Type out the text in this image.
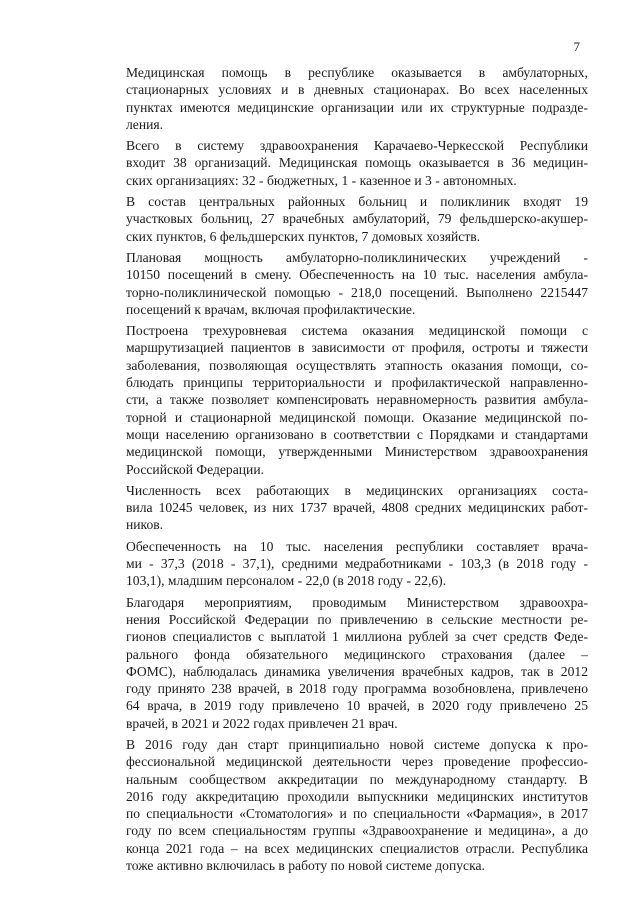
7

Медицинская помощь в республике оказывается в амбулаторных,
стационарных условиях и в дневных стационарах. Во всех населенных
пунктах имеются медицинские организации или их структурные подразде-
ления.

Всего в систему здравоохранения Карачаево-Черкесской Республики
входит 38 организаций. Медицинская помощь оказывается в 36 медицин-
ских организациях: 32 - бюджетных, 1 - казенное и 3 - автономных.

В состав центральных районных больниц и поликлиник входят 19
участковых больниц, 27 врачебных амбулаторий, 79 фельдшерско-акушер-
ских пунктов, 6 фельдшерских пунктов, 7 домовых хозяйств.

Плановая мощность амбулаторно-поликлинических учреждений -
10150 посещений в смену. Обеспеченность на 10 тыс. населения амбула-
торно-поликлинической помощью - 218,0 посещений. Выполнено 2215447
посещений к врачам, включая профилактические.

Построена трехуровневая система оказания медицинской помощи с
маршрутизацией пациентов в зависимости от профиля, остроты и тяжести
заболевания, позволяющая осуществлять этапность оказания помощи, со-
блюдать принципы территориальности и профилактической направленно-
сти, а также позволяет компенсировать неравномерность развития амбула-
торной и стационарной медицинской помощи. Оказание медицинской по-
мощи населению организовано в соответствии с Порядками и стандартами
медицинской помощи, утвержденными Министерством здравоохранения
Российской Федерации.

Численность всех работающих в медицинских организациях соста-
вила 10245 человек, из них 1737 врачей, 4808 средних медицинских работ-
ников.

Обеспеченность на 10 тыс. населения республики составляет врача-
ми - 37,3 (2018 - 37,1), средними медработниками - 103,3 (в 2018 году -
103,1), младшим персоналом - 22,0 (в 2018 году - 22,6).

Благодаря мероприятиям, проводимым Министерством здравоохра-
нения Российской Федерации по привлечению в сельские местности ре-
гионов специалистов с выплатой 1 миллиона рублей за счет средств Феде-
рального фонда обязательного медицинского страхования (далее –
ФОМС), наблюдалась динамика увеличения врачебных кадров, так в 2012
году принято 238 врачей, в 2018 году программа возобновлена, привлечено
64 врача, в 2019 году привлечено 10 врачей, в 2020 году привлечено 25
врачей, в 2021 и 2022 годах привлечен 21 врач.

В 2016 году дан старт принципиально новой системе допуска к про-
фессиональной медицинской деятельности через проведение профессио-
нальным сообществом аккредитации по международному стандарту. В
2016 году аккредитацию проходили выпускники медицинских институтов
по специальности «Стоматология» и по специальности «Фармация», в 2017
году по всем специальностям группы «Здравоохранение и медицина», а до
конца 2021 года – на всех медицинских специалистов отрасли. Республика
тоже активно включилась в работу по новой системе допуска.
